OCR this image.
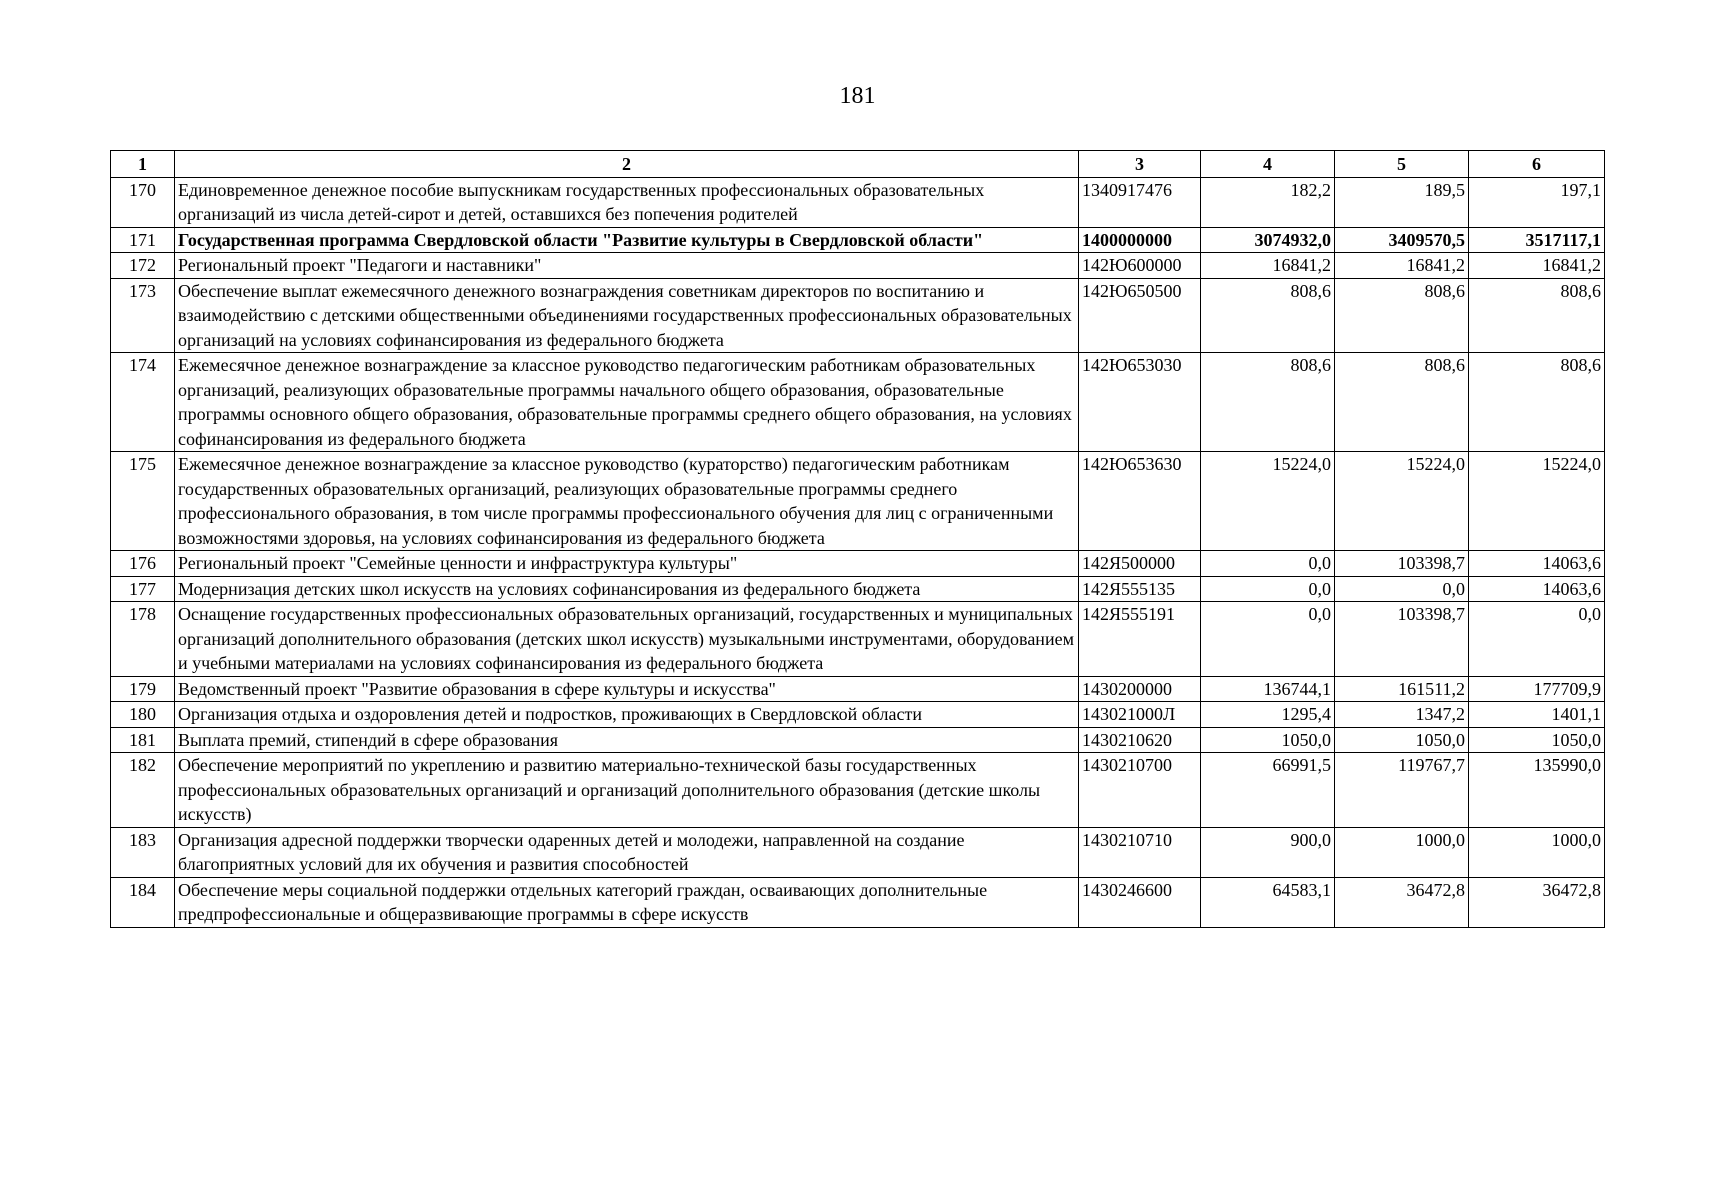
181
1	2	3	4	5	6
170	Единовременное денежное пособие выпускникам государственных профессиональных образовательных организаций из числа детей-сирот и детей, оставшихся без попечения родителей	1340917476	182,2	189,5	197,1
171	Государственная программа Свердловской области "Развитие культуры в Свердловской области"	1400000000	3074932,0	3409570,5	3517117,1
172	Региональный проект "Педагоги и наставники"	142Ю600000	16841,2	16841,2	16841,2
173	Обеспечение выплат ежемесячного денежного вознаграждения советникам директоров по воспитанию и взаимодействию с детскими общественными объединениями государственных профессиональных образовательных организаций на условиях софинансирования из федерального бюджета	142Ю650500	808,6	808,6	808,6
174	Ежемесячное денежное вознаграждение за классное руководство педагогическим работникам образовательных организаций, реализующих образовательные программы начального общего образования, образовательные программы основного общего образования, образовательные программы среднего общего образования, на условиях софинансирования из федерального бюджета	142Ю653030	808,6	808,6	808,6
175	Ежемесячное денежное вознаграждение за классное руководство (кураторство) педагогическим работникам государственных образовательных организаций, реализующих образовательные программы среднего профессионального образования, в том числе программы профессионального обучения для лиц с ограниченными возможностями здоровья, на условиях софинансирования из федерального бюджета	142Ю653630	15224,0	15224,0	15224,0
176	Региональный проект "Семейные ценности и инфраструктура культуры"	142Я500000	0,0	103398,7	14063,6
177	Модернизация детских школ искусств на условиях софинансирования из федерального бюджета	142Я555135	0,0	0,0	14063,6
178	Оснащение государственных профессиональных образовательных организаций, государственных и муниципальных организаций дополнительного образования (детских школ искусств) музыкальными инструментами, оборудованием и учебными материалами на условиях софинансирования из федерального бюджета	142Я555191	0,0	103398,7	0,0
179	Ведомственный проект "Развитие образования в сфере культуры и искусства"	1430200000	136744,1	161511,2	177709,9
180	Организация отдыха и оздоровления детей и подростков, проживающих в Свердловской области	143021000Л	1295,4	1347,2	1401,1
181	Выплата премий, стипендий в сфере образования	1430210620	1050,0	1050,0	1050,0
182	Обеспечение мероприятий по укреплению и развитию материально-технической базы государственных профессиональных образовательных организаций и организаций дополнительного образования (детские школы искусств)	1430210700	66991,5	119767,7	135990,0
183	Организация адресной поддержки творчески одаренных детей и молодежи, направленной на создание благоприятных условий для их обучения и развития способностей	1430210710	900,0	1000,0	1000,0
184	Обеспечение меры социальной поддержки отдельных категорий граждан, осваивающих дополнительные предпрофессиональные и общеразвивающие программы в сфере искусств	1430246600	64583,1	36472,8	36472,8
